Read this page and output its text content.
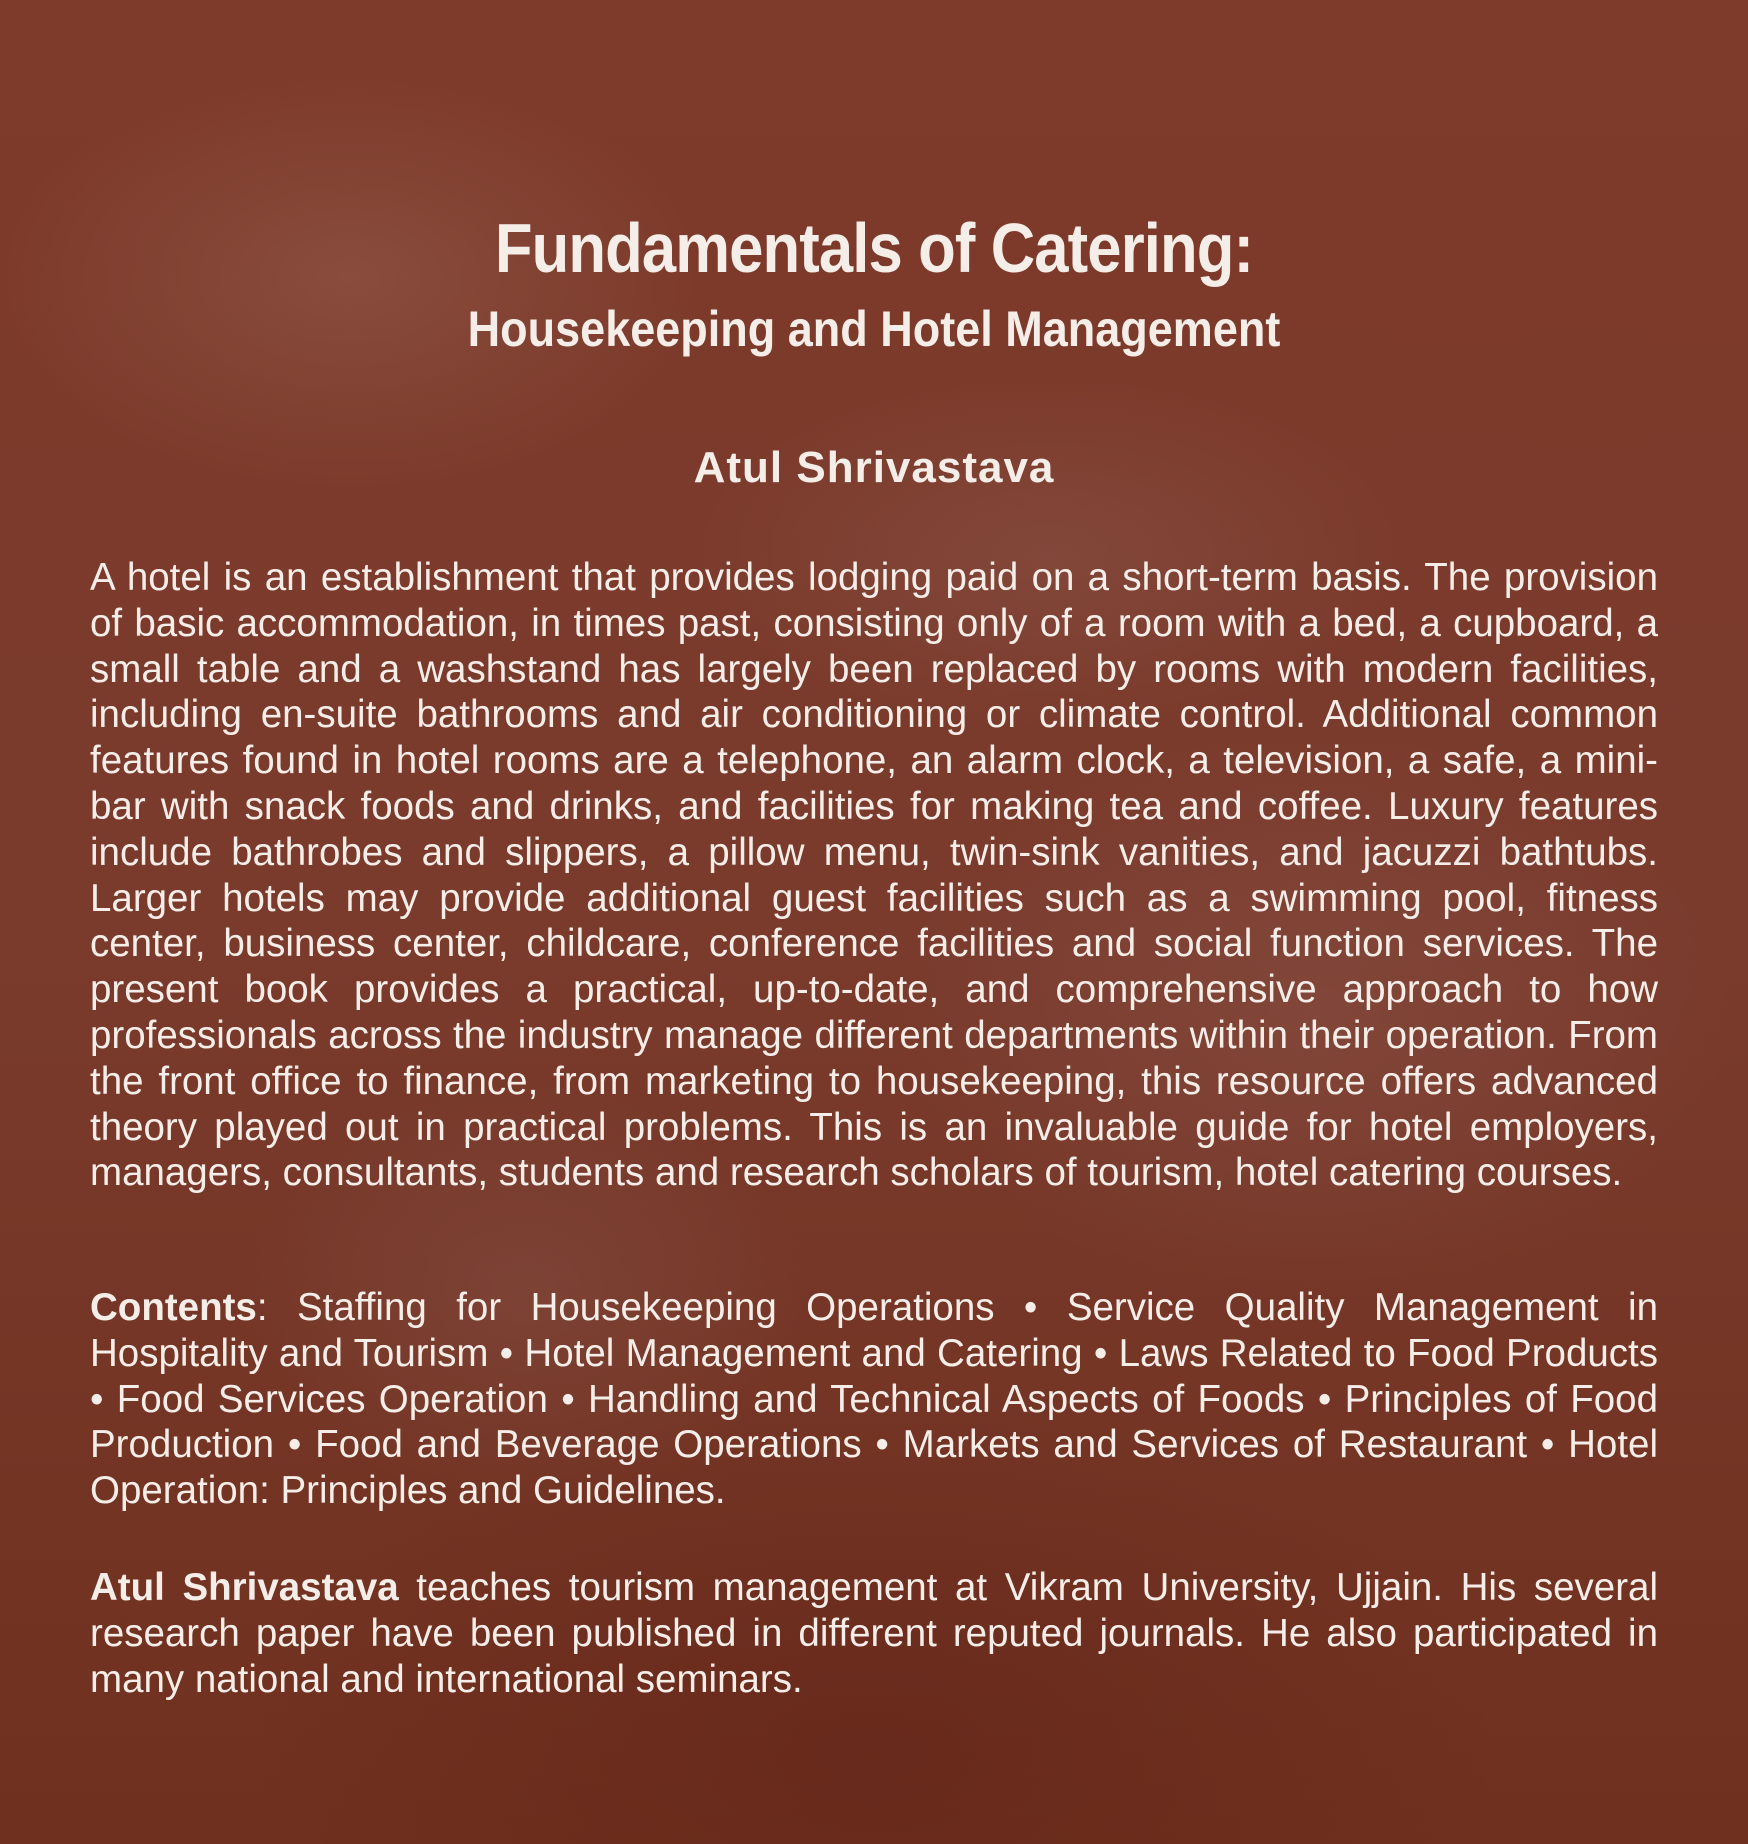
Fundamentals of Catering:
Housekeeping and Hotel Management
Atul Shrivastava
A hotel is an establishment that provides lodging paid on a short-term basis. The provision of basic accommodation, in times past, consisting only of a room with a bed, a cupboard, a small table and a washstand has largely been replaced by rooms with modern facilities, including en-suite bathrooms and air conditioning or climate control. Additional common features found in hotel rooms are a telephone, an alarm clock, a television, a safe, a mini-bar with snack foods and drinks, and facilities for making tea and coffee. Luxury features include bathrobes and slippers, a pillow menu, twin-sink vanities, and jacuzzi bathtubs. Larger hotels may provide additional guest facilities such as a swimming pool, fitness center, business center, childcare, conference facilities and social function services. The present book provides a practical, up-to-date, and comprehensive approach to how professionals across the industry manage different departments within their operation. From the front office to finance, from marketing to housekeeping, this resource offers advanced theory played out in practical problems. This is an invaluable guide for hotel employers, managers, consultants, students and research scholars of tourism, hotel catering courses.
Contents: Staffing for Housekeeping Operations • Service Quality Management in Hospitality and Tourism • Hotel Management and Catering • Laws Related to Food Products • Food Services Operation • Handling and Technical Aspects of Foods • Principles of Food Production • Food and Beverage Operations • Markets and Services of Restaurant • Hotel Operation: Principles and Guidelines.
Atul Shrivastava teaches tourism management at Vikram University, Ujjain. His several research paper have been published in different reputed journals. He also participated in many national and international seminars.
